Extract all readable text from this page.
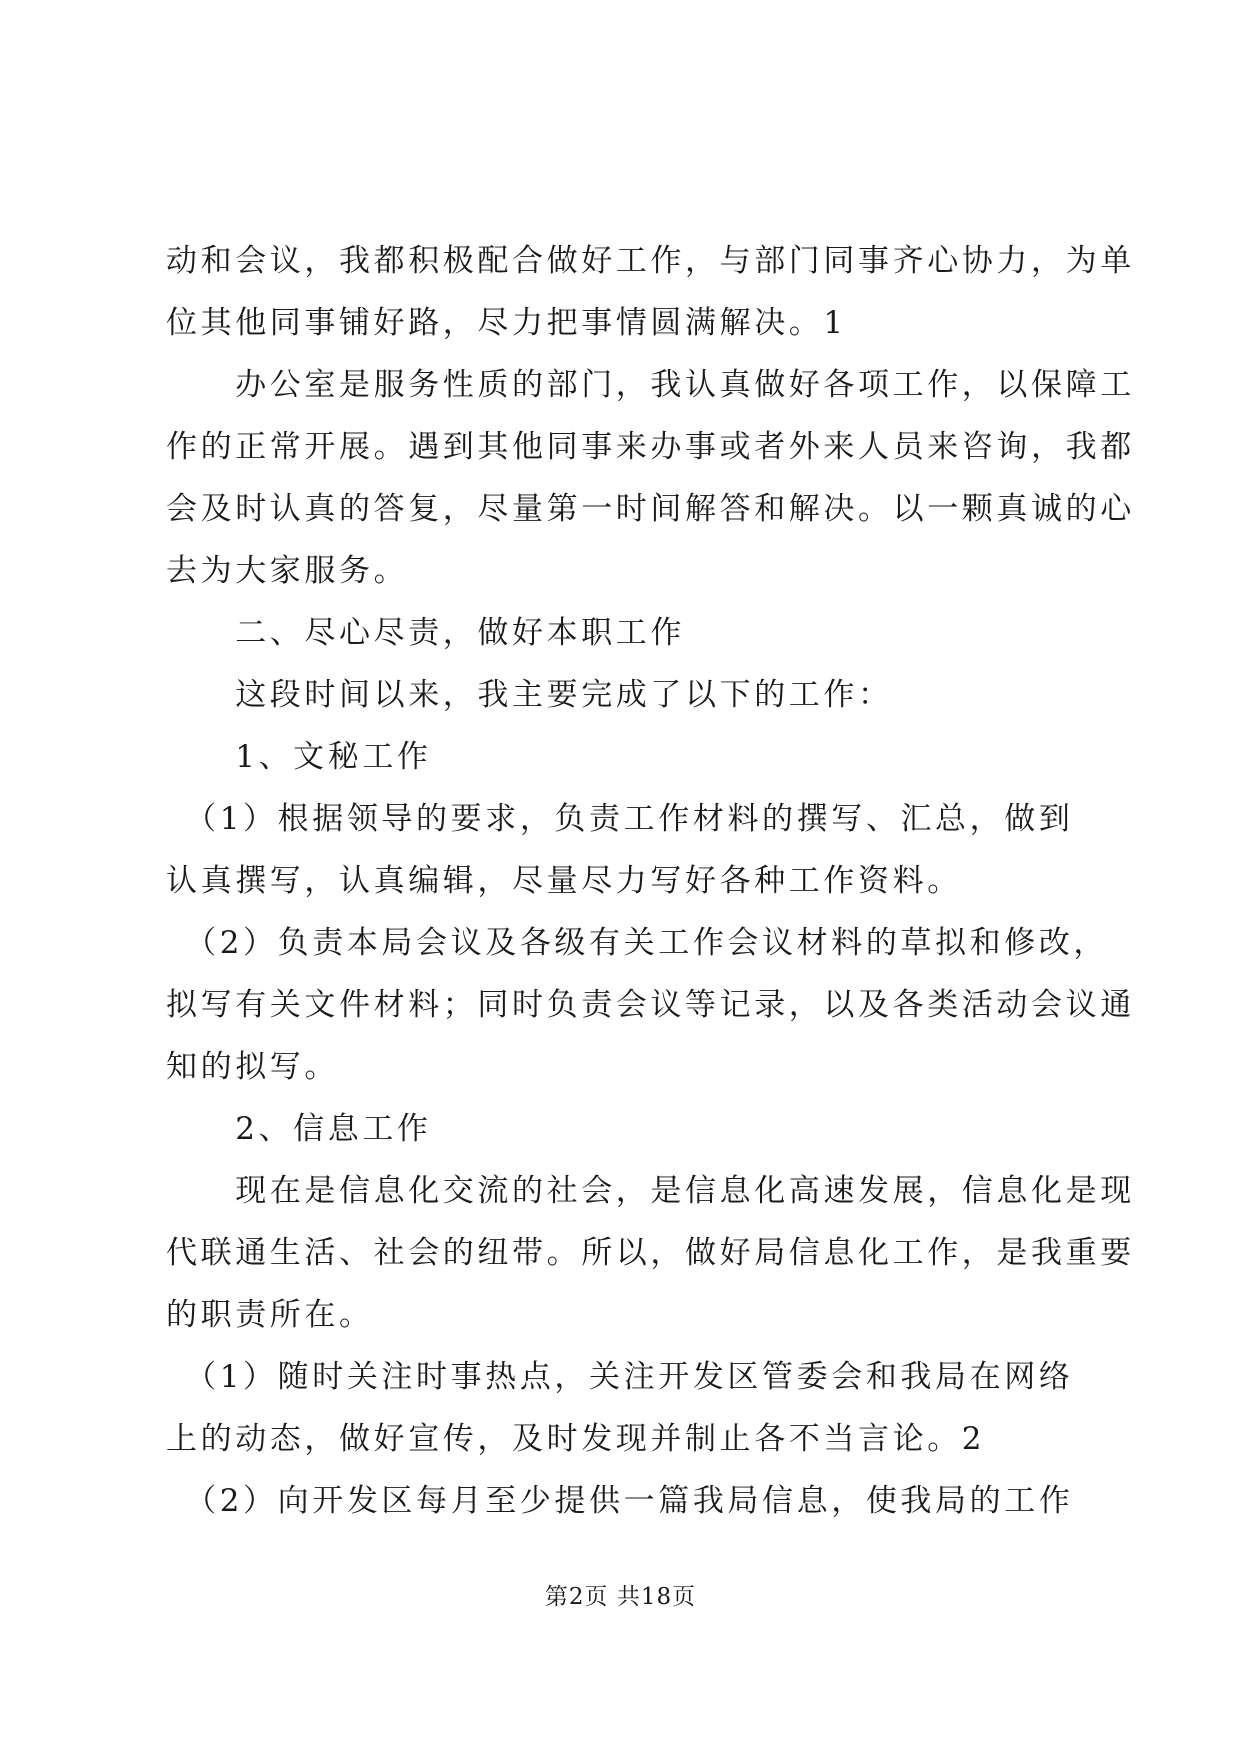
动和会议，我都积极配合做好工作，与部门同事齐心协力，为单
位其他同事铺好路，尽力把事情圆满解决。1
　　办公室是服务性质的部门，我认真做好各项工作，以保障工
作的正常开展。遇到其他同事来办事或者外来人员来咨询，我都
会及时认真的答复，尽量第一时间解答和解决。以一颗真诚的心
去为大家服务。
　　二、尽心尽责，做好本职工作
　　这段时间以来，我主要完成了以下的工作：
　　1、文秘工作
　（1）根据领导的要求，负责工作材料的撰写、汇总，做到
认真撰写，认真编辑，尽量尽力写好各种工作资料。
　（2）负责本局会议及各级有关工作会议材料的草拟和修改，
拟写有关文件材料；同时负责会议等记录，以及各类活动会议通
知的拟写。
　　2、信息工作
　　现在是信息化交流的社会，是信息化高速发展，信息化是现
代联通生活、社会的纽带。所以，做好局信息化工作，是我重要
的职责所在。
　（1）随时关注时事热点，关注开发区管委会和我局在网络
上的动态，做好宣传，及时发现并制止各不当言论。2
　（2）向开发区每月至少提供一篇我局信息，使我局的工作
第2页 共18页
